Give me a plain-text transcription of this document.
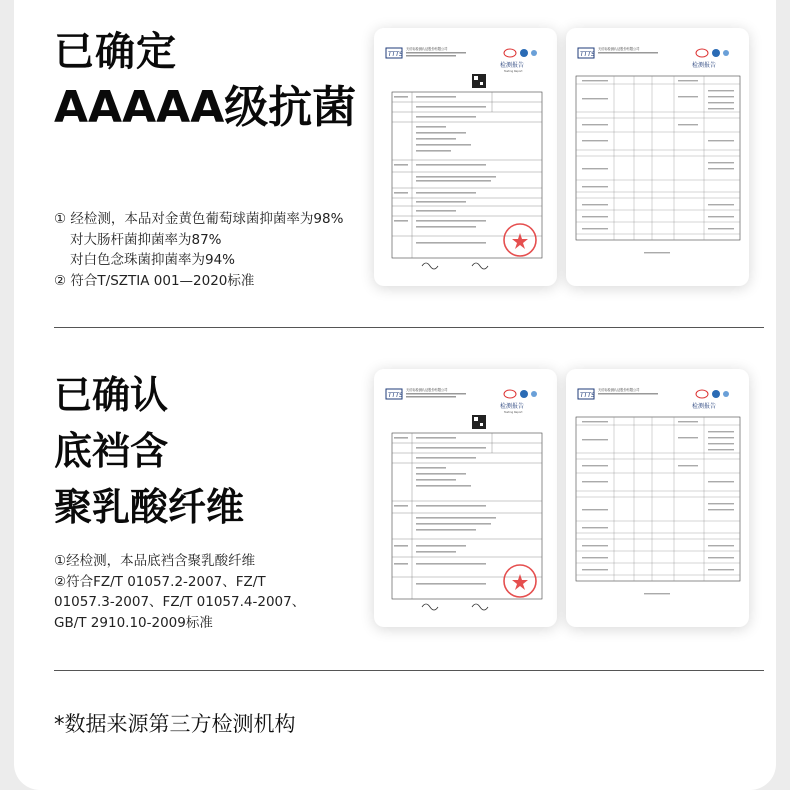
已确定
AAAAA级抗菌
① 经检测，本品对金黄色葡萄球菌抑菌率为98%
对大肠杆菌抑菌率为87%
对白色念珠菌抑菌率为94%
② 符合T/SZTIA 001—2020标准
TTTS
天纺标检测认证股份有限公司
检测报告
Testing Report
TTTS
天纺标检测认证股份有限公司
检测报告
已确认
底裆含
聚乳酸纤维
①经检测，本品底裆含聚乳酸纤维
②符合FZ/T 01057.2-2007、FZ/T
01057.3-2007、FZ/T 01057.4-2007、
GB/T 2910.10-2009标准
TTTS
天纺标检测认证股份有限公司
检测报告
Testing Report
TTTS
天纺标检测认证股份有限公司
检测报告
*数据来源第三方检测机构
